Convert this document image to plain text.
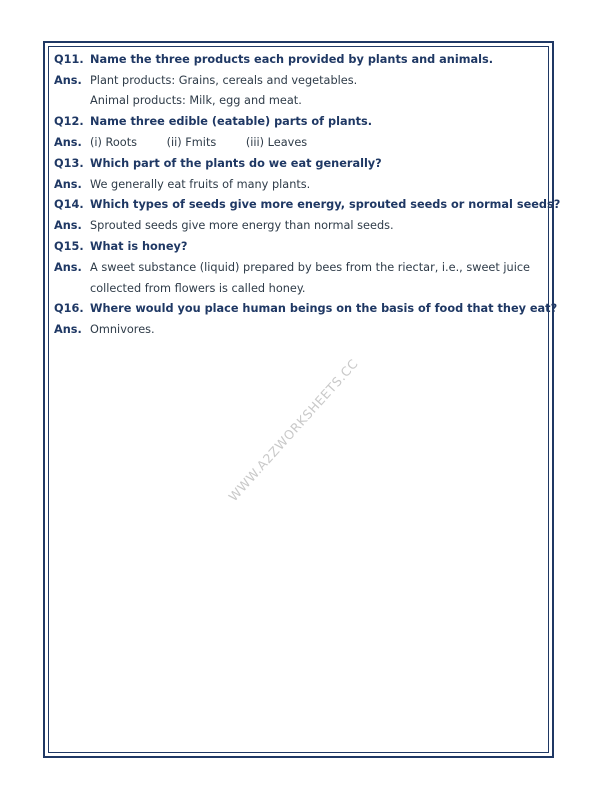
WWW.A2ZWORKSHEETS.CC
Q11. Name the three products each provided by plants and animals.
Ans. Plant products: Grains, cereals and vegetables.
Animal products: Milk, egg and meat.
Q12. Name three edible (eatable) parts of plants.
Ans. (i) Roots	(ii) Fmits	(iii) Leaves
Q13. Which part of the plants do we eat generally?
Ans. We generally eat fruits of many plants.
Q14. Which types of seeds give more energy, sprouted seeds or normal seeds?
Ans. Sprouted seeds give more energy than normal seeds.
Q15. What is honey?
Ans. A sweet substance (liquid) prepared by bees from the riectar, i.e., sweet juice
collected from flowers is called honey.
Q16. Where would you place human beings on the basis of food that they eat?
Ans. Omnivores.
